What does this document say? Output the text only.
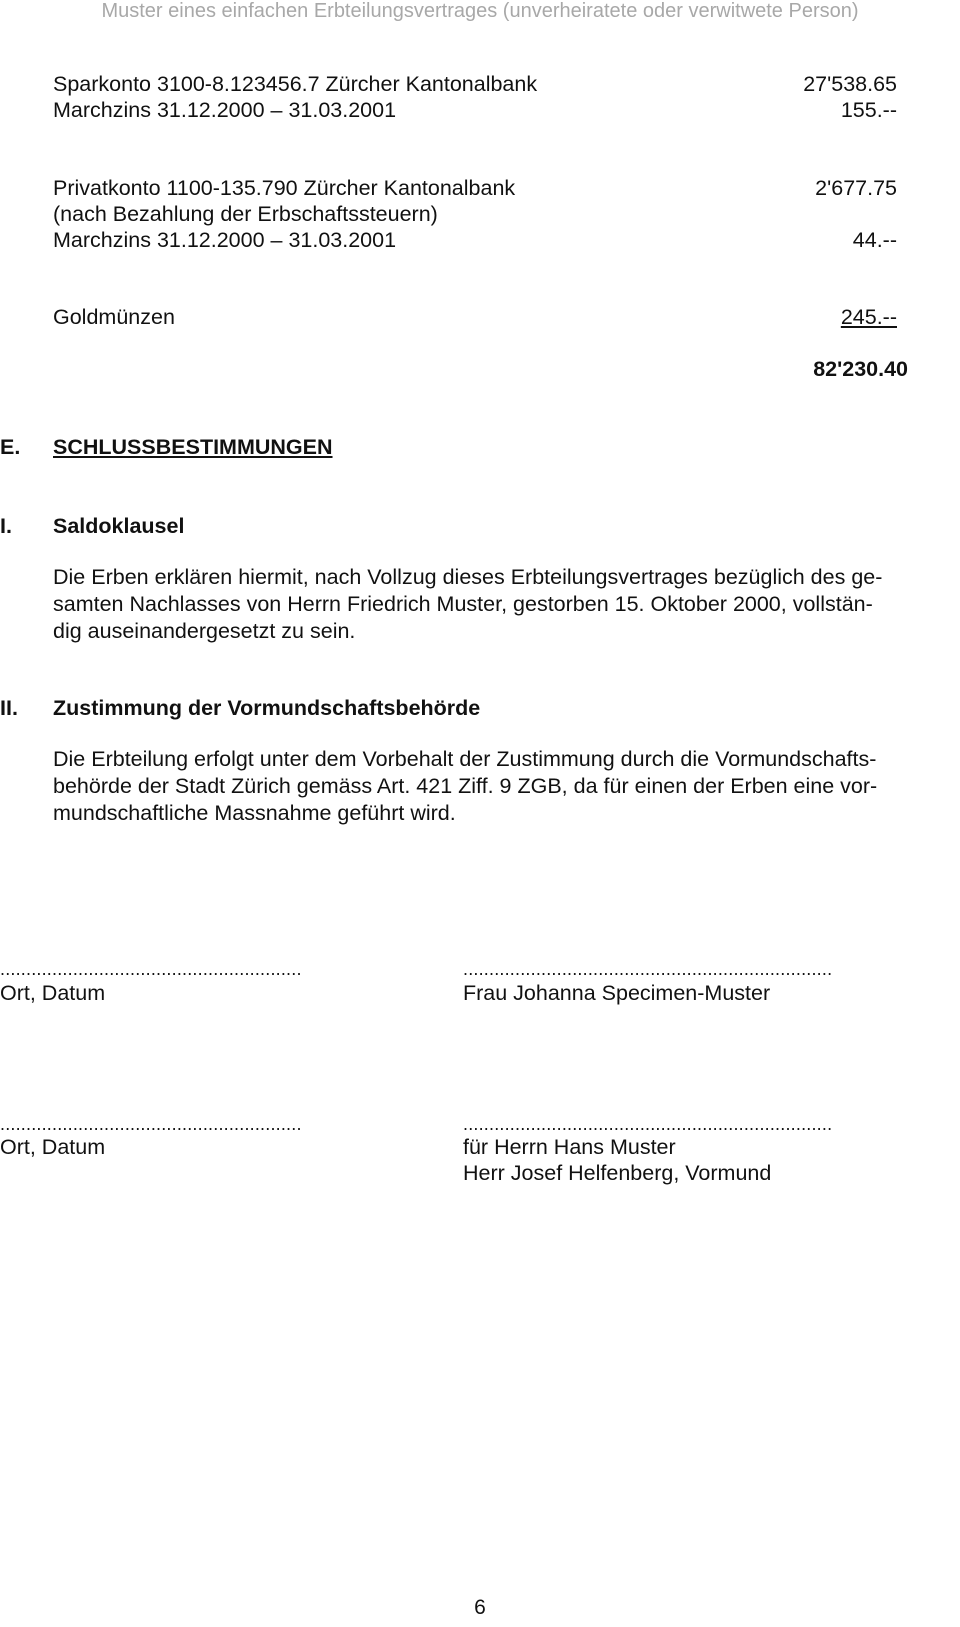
Muster eines einfachen Erbteilungsvertrages (unverheiratete oder verwitwete Person)
Sparkonto 3100-8.123456.7 Zürcher Kantonalbank	27'538.65
Marchzins 31.12.2000 – 31.03.2001	155.--
Privatkonto 1100-135.790 Zürcher Kantonalbank	2'677.75
(nach Bezahlung der Erbschaftssteuern)
Marchzins 31.12.2000 – 31.03.2001	44.--
Goldmünzen	245.--
82'230.40
E. SCHLUSSBESTIMMUNGEN
I. Saldoklausel
Die Erben erklären hiermit, nach Vollzug dieses Erbteilungsvertrages bezüglich des ge-
samten Nachlasses von Herrn Friedrich Muster, gestorben 15. Oktober 2000, vollstän-
dig auseinandergesetzt zu sein.
II. Zustimmung der Vormundschaftsbehörde
Die Erbteilung erfolgt unter dem Vorbehalt der Zustimmung durch die Vormundschafts-
behörde der Stadt Zürich gemäss Art. 421 Ziff. 9 ZGB, da für einen der Erben eine vor-
mundschaftliche Massnahme geführt wird.
..........................................................	.......................................................................
Ort, Datum	Frau Johanna Specimen-Muster
..........................................................	.......................................................................
Ort, Datum	für Herrn Hans Muster
Herr Josef Helfenberg, Vormund
6
